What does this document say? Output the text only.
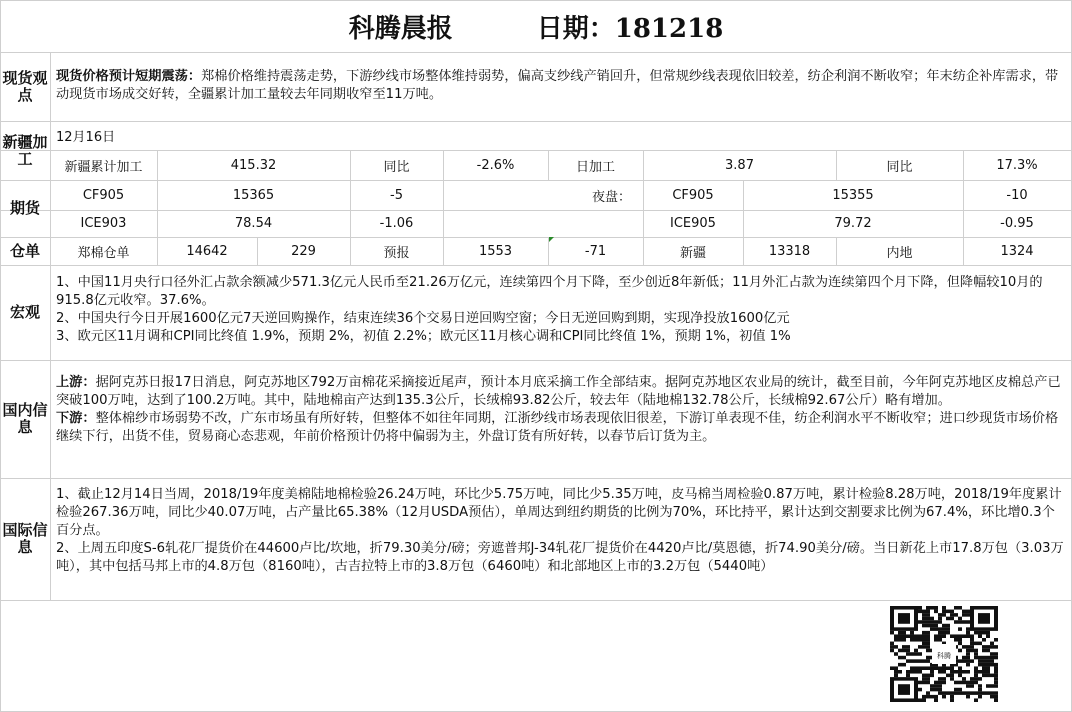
科腾晨报	日期：181218
现货观点
现货价格预计短期震荡：郑棉价格维持震荡走势，下游纱线市场整体维持弱势，偏高支纱线产销回升，但常规纱线表现依旧较差，纺企利润不断收窄；年末纺企补库需求，带动现货市场成交好转，全疆累计加工量较去年同期收窄至11万吨。
新疆加工
12月16日
新疆累计加工	415.32	同比	-2.6%	日加工	3.87	同比	17.3%
期货
CF905	15365	-5	夜盘：	CF905	15355	-10
ICE903	78.54	-1.06	ICE905	79.72	-0.95
仓单	郑棉仓单	14642	229	预报	1553	-71	新疆	13318	内地	1324
宏观
1、中国11月央行口径外汇占款余额减少571.3亿元人民币至21.26万亿元，连续第四个月下降，至少创近8年新低；11月外汇占款为连续第四个月下降，但降幅较10月的915.8亿元收窄。37.6%。
2、中国央行今日开展1600亿元7天逆回购操作，结束连续36个交易日逆回购空窗；今日无逆回购到期，实现净投放1600亿元
3、欧元区11月调和CPI同比终值 1.9%，预期 2%，初值 2.2%；欧元区11月核心调和CPI同比终值 1%，预期 1%，初值 1%
国内信息
上游：据阿克苏日报17日消息，阿克苏地区792万亩棉花采摘接近尾声，预计本月底采摘工作全部结束。据阿克苏地区农业局的统计，截至目前，今年阿克苏地区皮棉总产已突破100万吨，达到了100.2万吨。其中，陆地棉亩产达到135.3公斤，长绒棉93.82公斤，较去年（陆地棉132.78公斤，长绒棉92.67公斤）略有增加。
下游：整体棉纱市场弱势不改，广东市场虽有所好转，但整体不如往年同期，江浙纱线市场表现依旧很差，下游订单表现不佳，纺企利润水平不断收窄；进口纱现货市场价格继续下行，出货不佳，贸易商心态悲观，年前价格预计仍将中偏弱为主，外盘订货有所好转，以春节后订货为主。
国际信息
1、截止12月14日当周，2018/19年度美棉陆地棉检验26.24万吨，环比少5.75万吨，同比少5.35万吨，皮马棉当周检验0.87万吨，累计检验8.28万吨，2018/19年度累计检验267.36万吨，同比少40.07万吨，占产量比65.38%（12月USDA预估），单周达到纽约期货的比例为70%，环比持平，累计达到交割要求比例为67.4%，环比增0.3个百分点。
2、上周五印度S-6轧花厂提货价在44600卢比/坎地，折79.30美分/磅；旁遮普邦J-34轧花厂提货价在4420卢比/莫恩德，折74.90美分/磅。当日新花上市17.8万包（3.03万吨），其中包括马邦上市的4.8万包（8160吨），古吉拉特上市的3.8万包（6460吨）和北部地区上市的3.2万包（5440吨）
科腾
